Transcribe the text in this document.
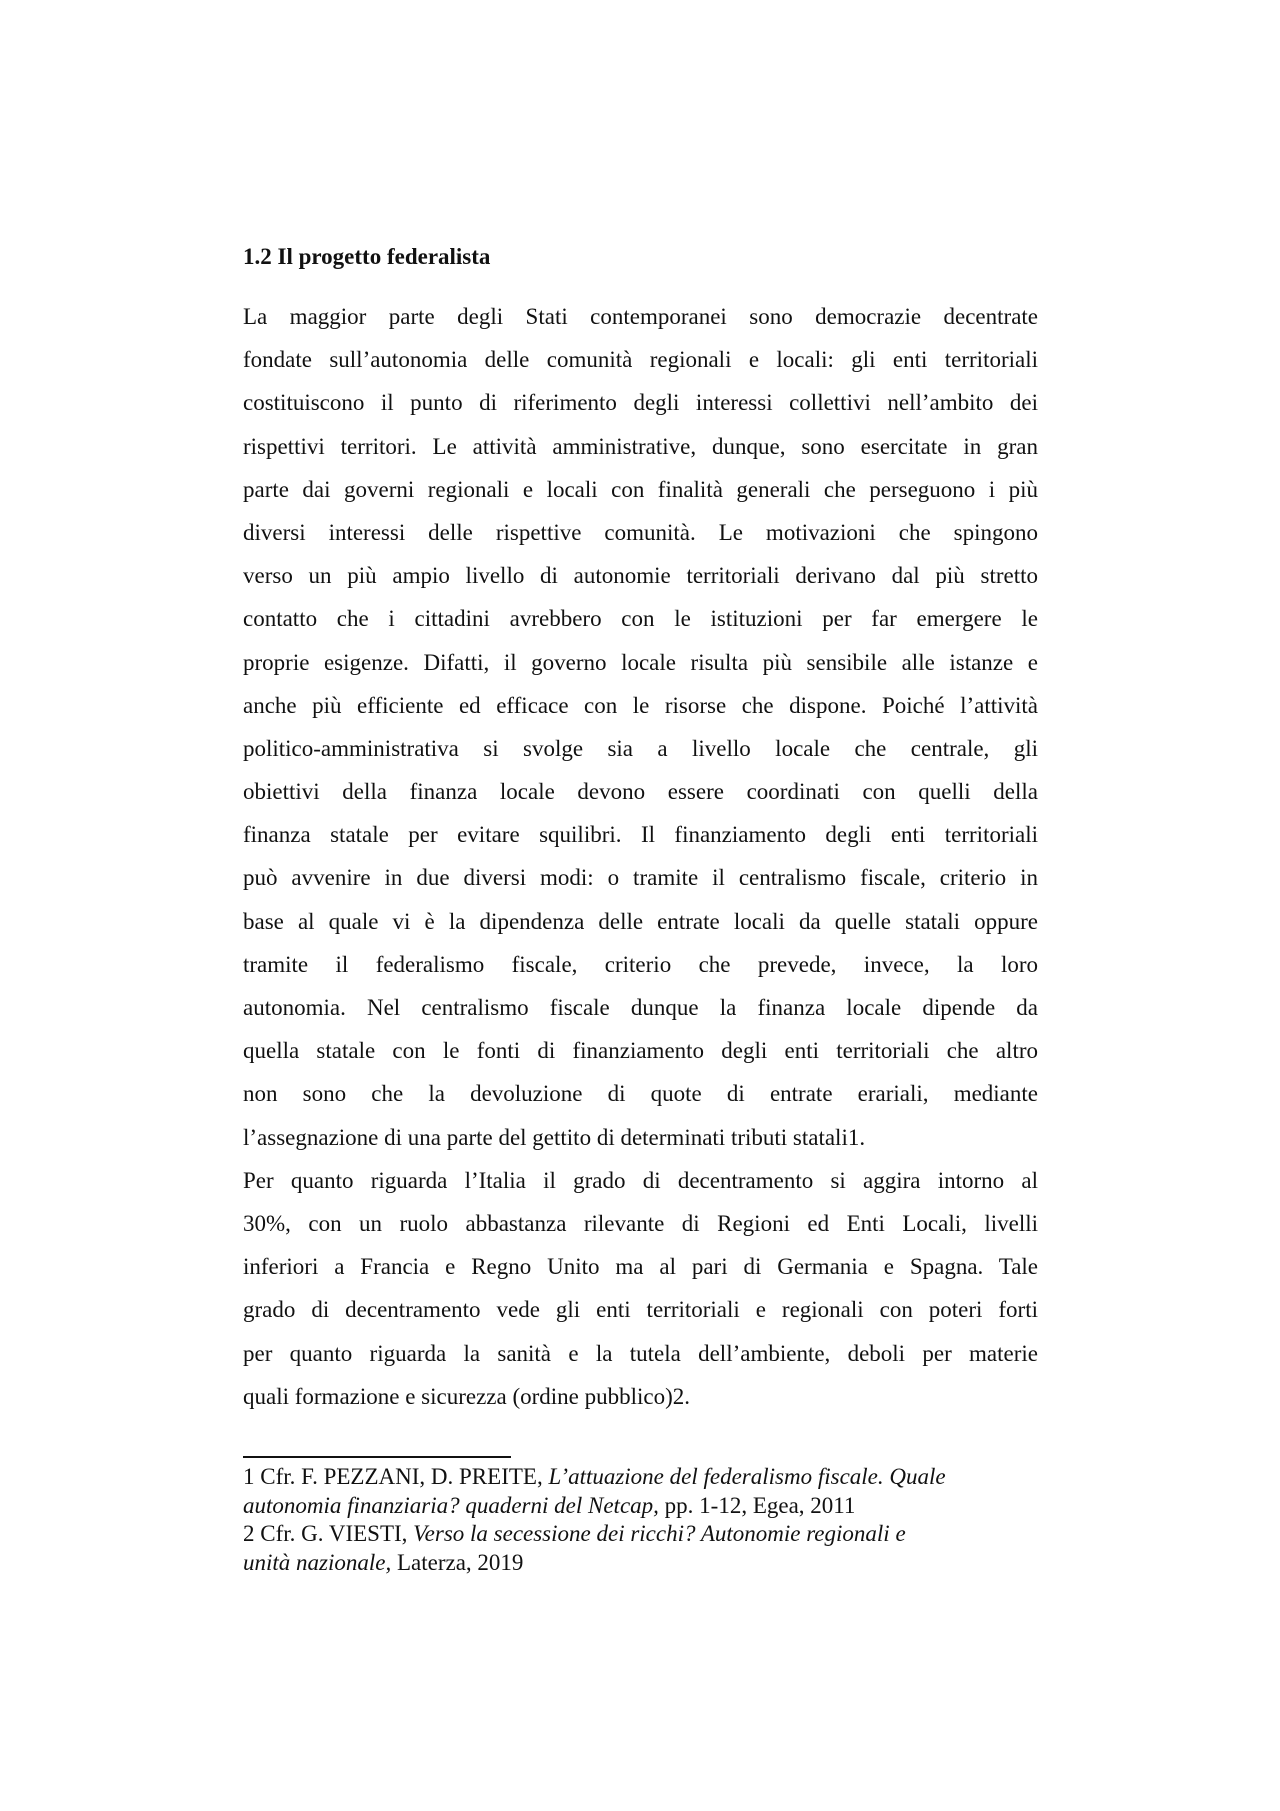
1.2 Il progetto federalista

La maggior parte degli Stati contemporanei sono democrazie decentrate
fondate sull’autonomia delle comunità regionali e locali: gli enti territoriali
costituiscono il punto di riferimento degli interessi collettivi nell’ambito dei
rispettivi territori. Le attività amministrative, dunque, sono esercitate in gran
parte dai governi regionali e locali con finalità generali che perseguono i più
diversi interessi delle rispettive comunità. Le motivazioni che spingono
verso un più ampio livello di autonomie territoriali derivano dal più stretto
contatto che i cittadini avrebbero con le istituzioni per far emergere le
proprie esigenze. Difatti, il governo locale risulta più sensibile alle istanze e
anche più efficiente ed efficace con le risorse che dispone. Poiché l’attività
politico-amministrativa si svolge sia a livello locale che centrale, gli
obiettivi della finanza locale devono essere coordinati con quelli della
finanza statale per evitare squilibri. Il finanziamento degli enti territoriali
può avvenire in due diversi modi: o tramite il centralismo fiscale, criterio in
base al quale vi è la dipendenza delle entrate locali da quelle statali oppure
tramite il federalismo fiscale, criterio che prevede, invece, la loro
autonomia. Nel centralismo fiscale dunque la finanza locale dipende da
quella statale con le fonti di finanziamento degli enti territoriali che altro
non sono che la devoluzione di quote di entrate erariali, mediante
l’assegnazione di una parte del gettito di determinati tributi statali1.

Per quanto riguarda l’Italia il grado di decentramento si aggira intorno al
30%, con un ruolo abbastanza rilevante di Regioni ed Enti Locali, livelli
inferiori a Francia e Regno Unito ma al pari di Germania e Spagna. Tale
grado di decentramento vede gli enti territoriali e regionali con poteri forti
per quanto riguarda la sanità e la tutela dell’ambiente, deboli per materie
quali formazione e sicurezza (ordine pubblico)2.

1 Cfr. F. PEZZANI, D. PREITE, L’attuazione del federalismo fiscale. Quale
autonomia finanziaria? quaderni del Netcap, pp. 1-12, Egea, 2011

2 Cfr. G. VIESTI, Verso la secessione dei ricchi? Autonomie regionali e
unità nazionale, Laterza, 2019
